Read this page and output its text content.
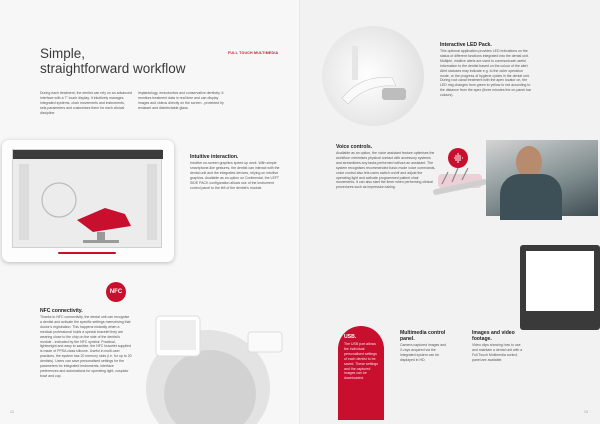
Simple,
straightforward workflow
FULL TOUCH MULTIMEDIA
During each treatment, the dentist can rely on an advanced interface with a 7" touch display. It intuitively manages integrated systems, chair movements and instruments, sets parameters and customises them for each clinical discipline
implantology, endodontics and conservative dentistry. It monitors treatment data in real time and can display images and videos directly on the screen - protected by resistant and disinfectable glass.
Intuitive interaction.
Intuitive on-screen graphics speed up work. With simple smartphone-like gestures, the dentist can interact with the dental unit and the integrated devices, relying on intuitive graphics. Available as an option on Continental, the LEFT SIDE PACK configuration allows use of the instrument control panel to the left of the dentist's module.
NFC
NFC connectivity.
Thanks to NFC connectivity, the dental unit can recognise a dentist and activate the specific settings memorising that doctor's registration. This happens instantly when a medical professional holds a special bracelet they are wearing close to the chip on the side of the dentist's module - indicated by the NFC symbol. Practical, lightweight and easy to sanitise, the NFC bracelet supplied is made of PPSA class silicone. Useful in multi-user practices, the system has 20 memory slots (i.e. for up to 20 dentists). Users can save personalised settings for the parameters for integrated instruments, interface preferences and automations for operating light, cuspidor bowl and cup.
12
Interactive LED Pack.
This optional application provides LED indications on the status of different functions integrated into the dental unit. Multiple, intuitive alerts are used to communicate useful information to the dentist based on the colour of the alert. Alert statuses may indicate e.g. to the outer operation mode, or the progress of hygiene cycles in the dental unit. During root canal treatment with the apex locator on, the LED ring changes from green to yellow to red according to the distance from the apex (three minutes the on-panel bar colours).
Voice controls.
Available as an option, the voice assistant feature optimises the workflow: minimises physical contact with accessory systems and streamlines any tasks performed without an assistant. The system recognises recommended basic mode voice commands, voice control also lets users switch on/off and adjust the operating light and activate programmed patient chair movements. It can also start the timer when performing clinical procedures such as impression taking.
Multimedia control
panel.
Camera captured images and X-rays acquired via the integrated system can be displayed in HD.
Images and video
footage.
Video clips showing how to use and maintain a dental unit with a Full Touch Multimedia control panel are available.
13
USB.
The USB port allows the individual personalised settings of each dentist to be saved. These settings and the captured images can be downloaded.
